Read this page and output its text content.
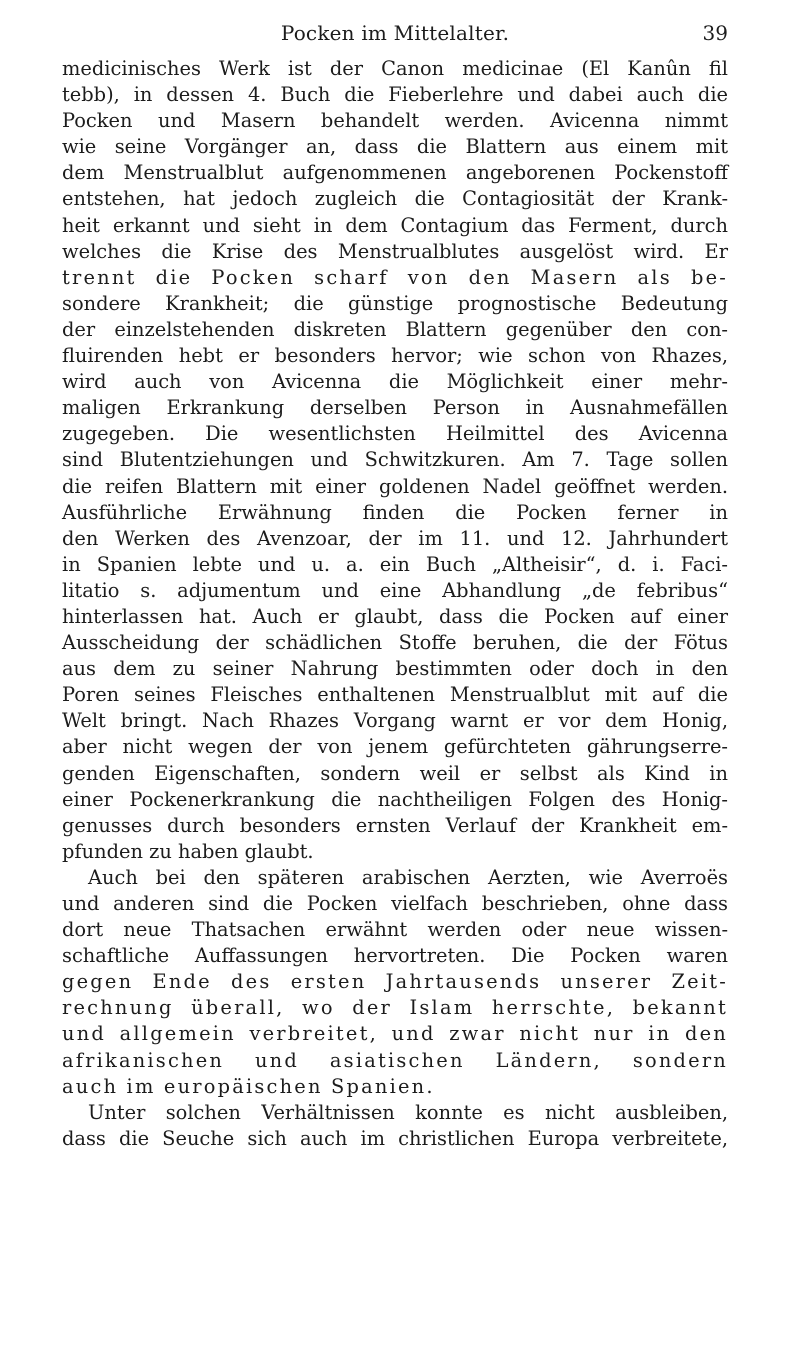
Pocken im Mittelalter.	39
medicinisches Werk ist der Canon medicinae (El Kanûn fil
tebb), in dessen 4. Buch die Fieberlehre und dabei auch die
Pocken und Masern behandelt werden. Avicenna nimmt
wie seine Vorgänger an, dass die Blattern aus einem mit
dem Menstrualblut aufgenommenen angeborenen Pockenstoff
entstehen, hat jedoch zugleich die Contagiosität der Krank-
heit erkannt und sieht in dem Contagium das Ferment, durch
welches die Krise des Menstrualblutes ausgelöst wird. Er
trennt die Pocken scharf von den Masern als be-
sondere Krankheit; die günstige prognostische Bedeutung
der einzelstehenden diskreten Blattern gegenüber den con-
fluirenden hebt er besonders hervor; wie schon von Rhazes,
wird auch von Avicenna die Möglichkeit einer mehr-
maligen Erkrankung derselben Person in Ausnahmefällen
zugegeben. Die wesentlichsten Heilmittel des Avicenna
sind Blutentziehungen und Schwitzkuren. Am 7. Tage sollen
die reifen Blattern mit einer goldenen Nadel geöffnet werden.
Ausführliche Erwähnung finden die Pocken ferner in
den Werken des Avenzoar, der im 11. und 12. Jahrhundert
in Spanien lebte und u. a. ein Buch „Altheisir“, d. i. Faci-
litatio s. adjumentum und eine Abhandlung „de febribus“
hinterlassen hat. Auch er glaubt, dass die Pocken auf einer
Ausscheidung der schädlichen Stoffe beruhen, die der Fötus
aus dem zu seiner Nahrung bestimmten oder doch in den
Poren seines Fleisches enthaltenen Menstrualblut mit auf die
Welt bringt. Nach Rhazes Vorgang warnt er vor dem Honig,
aber nicht wegen der von jenem gefürchteten gährungserre-
genden Eigenschaften, sondern weil er selbst als Kind in
einer Pockenerkrankung die nachtheiligen Folgen des Honig-
genusses durch besonders ernsten Verlauf der Krankheit em-
pfunden zu haben glaubt.
Auch bei den späteren arabischen Aerzten, wie Averroës
und anderen sind die Pocken vielfach beschrieben, ohne dass
dort neue Thatsachen erwähnt werden oder neue wissen-
schaftliche Auffassungen hervortreten. Die Pocken waren
gegen Ende des ersten Jahrtausends unserer Zeit-
rechnung überall, wo der Islam herrschte, bekannt
und allgemein verbreitet, und zwar nicht nur in den
afrikanischen und asiatischen Ländern, sondern
auch im europäischen Spanien.
Unter solchen Verhältnissen konnte es nicht ausbleiben,
dass die Seuche sich auch im christlichen Europa verbreitete,
